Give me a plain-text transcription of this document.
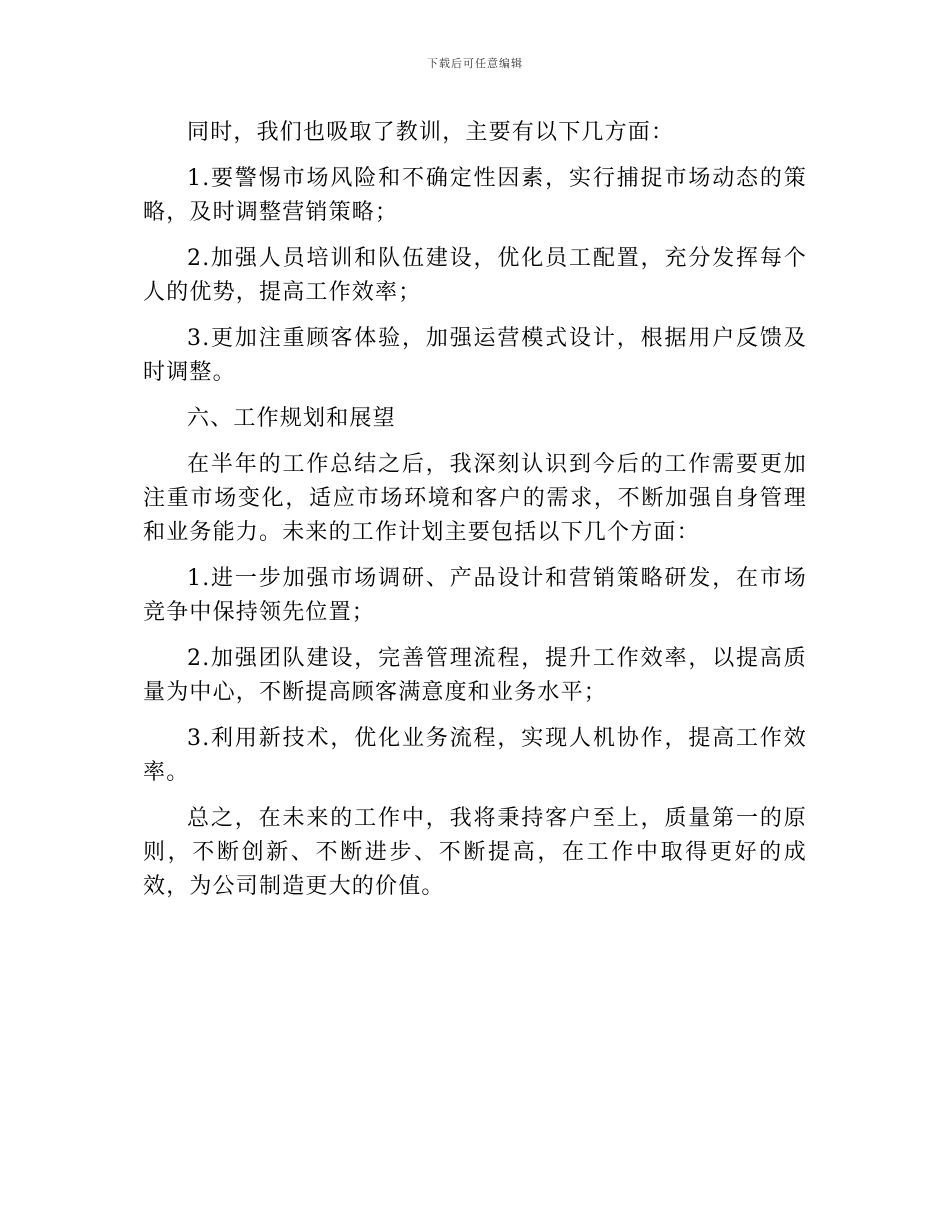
下载后可任意编辑

同时，我们也吸取了教训，主要有以下几方面：

1.要警惕市场风险和不确定性因素，实行捕捉市场动态的策略，及时调整营销策略；

2.加强人员培训和队伍建设，优化员工配置，充分发挥每个人的优势，提高工作效率；

3.更加注重顾客体验，加强运营模式设计，根据用户反馈及时调整。

六、工作规划和展望

在半年的工作总结之后，我深刻认识到今后的工作需要更加注重市场变化，适应市场环境和客户的需求，不断加强自身管理和业务能力。未来的工作计划主要包括以下几个方面：

1.进一步加强市场调研、产品设计和营销策略研发，在市场竞争中保持领先位置；

2.加强团队建设，完善管理流程，提升工作效率，以提高质量为中心，不断提高顾客满意度和业务水平；

3.利用新技术，优化业务流程，实现人机协作，提高工作效率。

总之，在未来的工作中，我将秉持客户至上，质量第一的原则，不断创新、不断进步、不断提高，在工作中取得更好的成效，为公司制造更大的价值。
